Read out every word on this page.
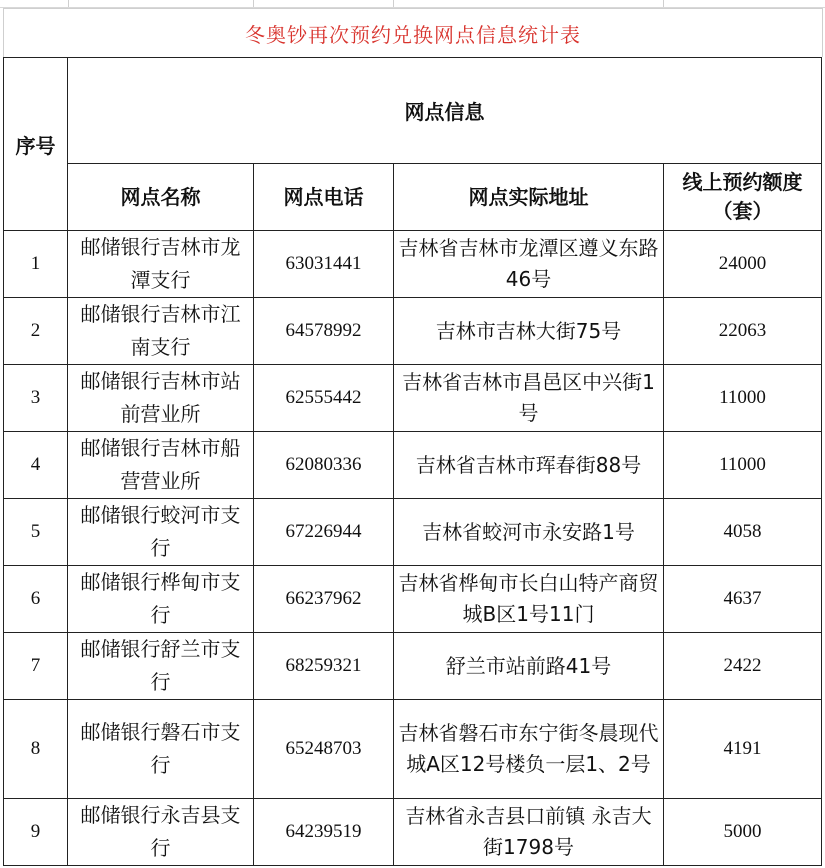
冬奥钞再次预约兑换网点信息统计表
序号	网点信息			
	网点名称	网点电话	网点实际地址	线上预约额度
（套）

1	邮储银行吉林市龙潭支行	63031441	吉林省吉林市龙潭区遵义东路46号	24000
2	邮储银行吉林市江南支行	64578992	吉林市吉林大街75号	22063
3	邮储银行吉林市站前营业所	62555442	吉林省吉林市昌邑区中兴街1号	11000
4	邮储银行吉林市船营营业所	62080336	吉林省吉林市珲春街88号	11000
5	邮储银行蛟河市支行	67226944	吉林省蛟河市永安路1号	4058
6	邮储银行桦甸市支行	66237962	吉林省桦甸市长白山特产商贸城B区1号11门	4637
7	邮储银行舒兰市支行	68259321	舒兰市站前路41号	2422
8	邮储银行磐石市支行	65248703	吉林省磐石市东宁街冬晨现代城A区12号楼负一层1、2号	4191
9	邮储银行永吉县支行	64239519	吉林省永吉县口前镇 永吉大街1798号	5000
